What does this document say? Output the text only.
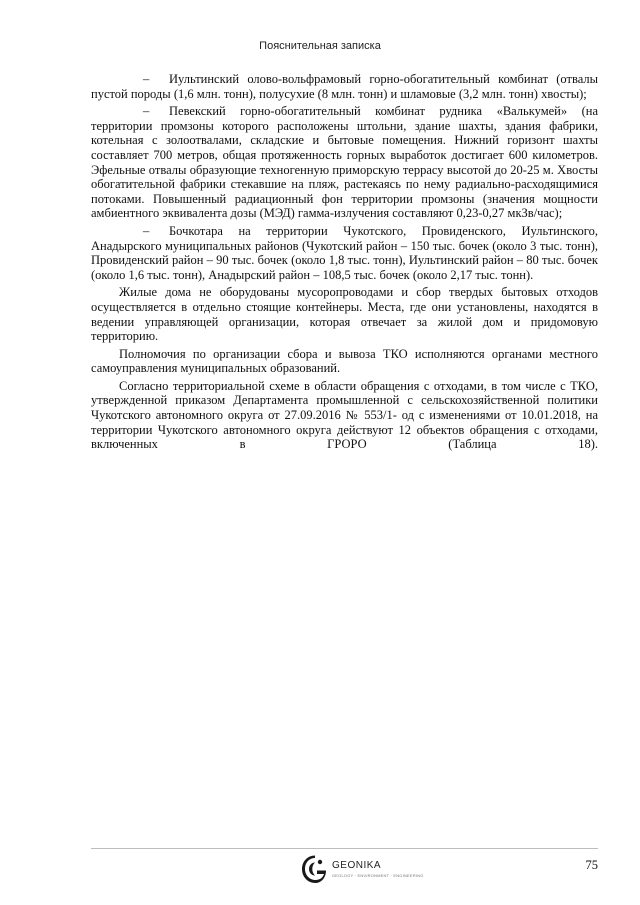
Пояснительная записка

– Иультинский олово-вольфрамовый горно-обогатительный комбинат (отвалы пустой породы (1,6 млн. тонн), полусухие (8 млн. тонн) и шламовые (3,2 млн. тонн) хвосты);

– Певекский горно-обогатительный комбинат рудника «Валькумей» (на территории промзоны которого расположены штольни, здание шахты, здания фабрики, котельная с золоотвалами, складские и бытовые помещения. Нижний горизонт шахты составляет 700 метров, общая протяженность горных выработок достигает 600 километров. Эфельные отвалы образующие техногенную приморскую террасу высотой до 20-25 м. Хвосты обогатительной фабрики стекавшие на пляж, растекаясь по нему радиально-расходящимися потоками. Повышенный радиационный фон территории промзоны (значения мощности амбиентного эквивалента дозы (МЭД) гамма-излучения составляют 0,23-0,27 мкЗв/час);

– Бочкотара на территории Чукотского, Провиденского, Иультинского, Анадырского муниципальных районов (Чукотский район – 150 тыс. бочек (около 3 тыс. тонн), Провиденский район – 90 тыс. бочек (около 1,8 тыс. тонн), Иультинский район – 80 тыс. бочек (около 1,6 тыс. тонн), Анадырский район – 108,5 тыс. бочек (около 2,17 тыс. тонн).

Жилые дома не оборудованы мусоропроводами и сбор твердых бытовых отходов осуществляется в отдельно стоящие контейнеры. Места, где они установлены, находятся в ведении управляющей организации, которая отвечает за жилой дом и придомовую территорию.

Полномочия по организации сбора и вывоза ТКО исполняются органами местного самоуправления муниципальных образований.

Согласно территориальной схеме в области обращения с отходами, в том числе с ТКО, утвержденной приказом Департамента промышленной с сельскохозяйственной политики Чукотского автономного округа от 27.09.2016 № 553/1- од с изменениями от 10.01.2018, на территории Чукотского автономного округа действуют 12 объектов обращения с отходами, включенных в ГРОРО (Таблица 18).

GEONIKA
GEOLOGY · ENVIRONMENT · ENGINEERING
75
